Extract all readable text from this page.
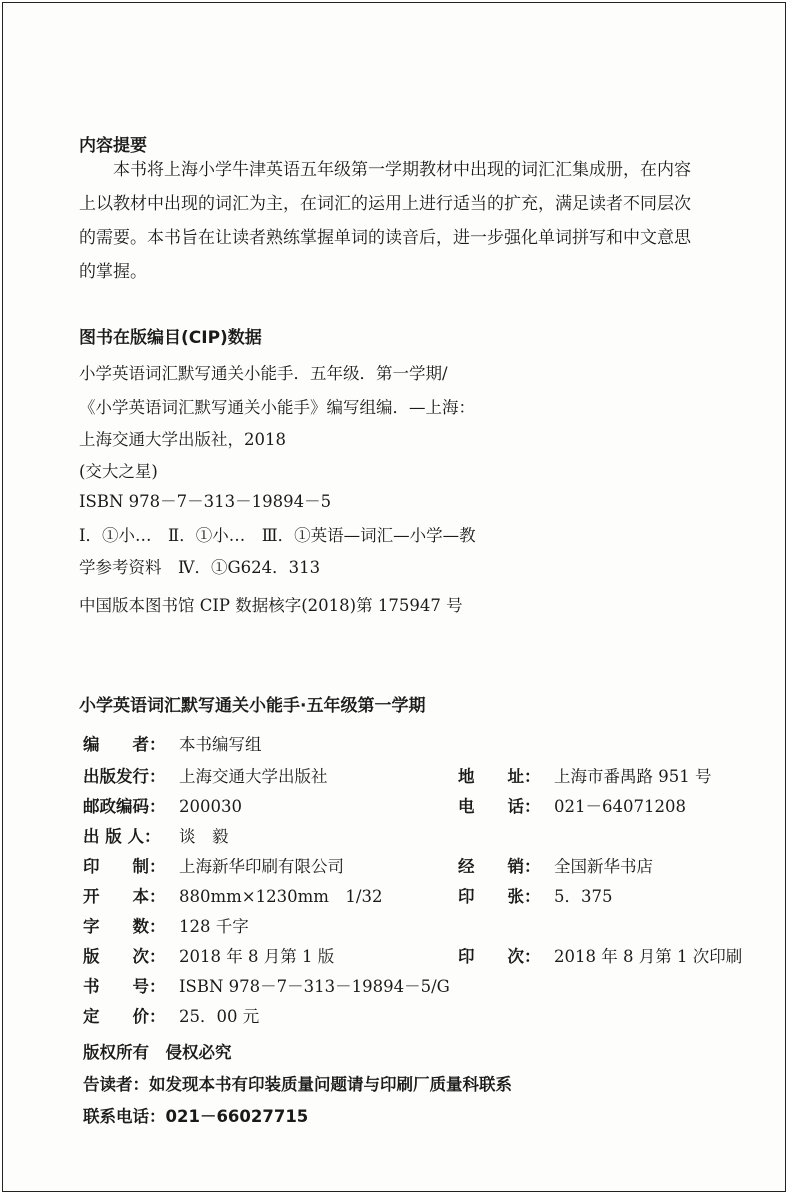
内容提要
本书将上海小学牛津英语五年级第一学期教材中出现的词汇汇集成册，在内容
上以教材中出现的词汇为主，在词汇的运用上进行适当的扩充，满足读者不同层次
的需要。本书旨在让读者熟练掌握单词的读音后，进一步强化单词拼写和中文意思
的掌握。
图书在版编目(CIP)数据
小学英语词汇默写通关小能手．五年级．第一学期/
《小学英语词汇默写通关小能手》编写组编．—上海：
上海交通大学出版社，2018
(交大之星)
ISBN 978－7－313－19894－5
Ⅰ．①小…　Ⅱ．①小…　Ⅲ．①英语—词汇—小学—教
学参考资料　Ⅳ．①G624．313
中国版本图书馆 CIP 数据核字(2018)第 175947 号
小学英语词汇默写通关小能手·五年级第一学期
编　　者： 本书编写组
出版发行： 上海交通大学出版社	地　　址： 上海市番禺路 951 号
邮政编码： 200030	电　　话： 021－64071208
出 版 人： 谈　毅
印　　制： 上海新华印刷有限公司	经　　销： 全国新华书店
开　　本： 880mm×1230mm　1/32	印　　张： 5．375
字　　数： 128 千字
版　　次： 2018 年 8 月第 1 版	印　　次： 2018 年 8 月第 1 次印刷
书　　号： ISBN 978－7－313－19894－5/G
定　　价： 25．00 元
版权所有　侵权必究
告读者：如发现本书有印装质量问题请与印刷厂质量科联系
联系电话：021－66027715
